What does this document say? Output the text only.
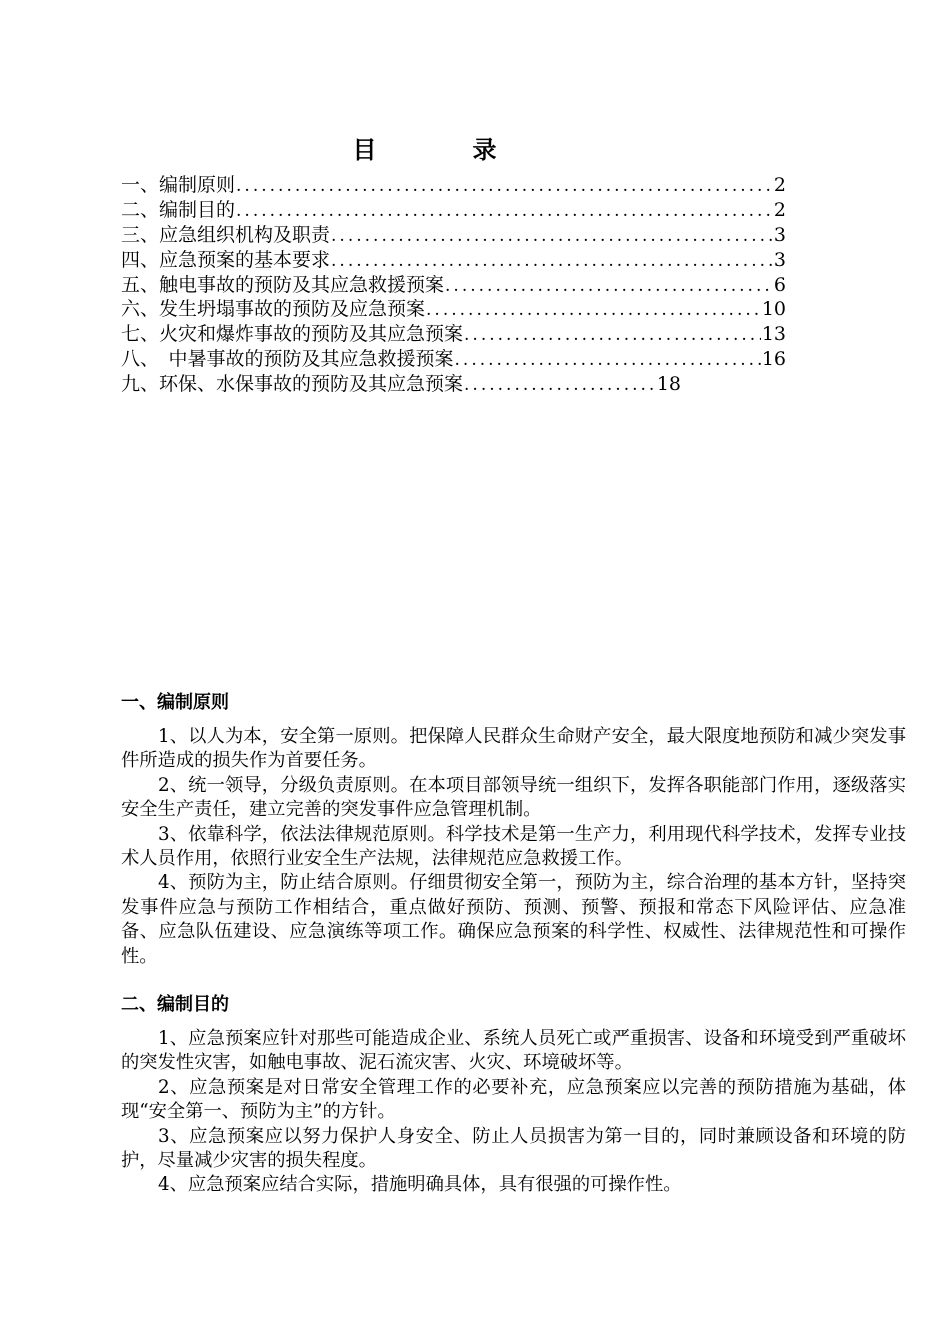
目　录
一、编制原则 .....	2
二、编制目的 .....	2
三、应急组织机构及职责 .....	3
四、应急预案的基本要求 .....	3
五、触电事故的预防及其应急救援预案 .....	6
六、发生坍塌事故的预防及应急预案 .....	10
七、火灾和爆炸事故的预防及其应急预案 .....	13
八、　中暑事故的预防及其应急救援预案 .....	16
九、环保、水保事故的预防及其应急预案 .....	18
一、编制原则

1、以人为本，安全第一原则。把保障人民群众生命财产安全，最大限度地预防和减少突发事件所造成的损失作为首要任务。

2、统一领导，分级负责原则。在本项目部领导统一组织下，发挥各职能部门作用，逐级落实安全生产责任，建立完善的突发事件应急管理机制。

3、依靠科学，依法法律规范原则。科学技术是第一生产力，利用现代科学技术，发挥专业技术人员作用，依照行业安全生产法规，法律规范应急救援工作。

4、预防为主，防止结合原则。仔细贯彻安全第一，预防为主，综合治理的基本方针，坚持突发事件应急与预防工作相结合，重点做好预防、预测、预警、预报和常态下风险评估、应急准备、应急队伍建设、应急演练等项工作。确保应急预案的科学性、权威性、法律规范性和可操作性。

二、编制目的

1、应急预案应针对那些可能造成企业、系统人员死亡或严重损害、设备和环境受到严重破坏的突发性灾害，如触电事故、泥石流灾害、火灾、环境破坏等。

2、应急预案是对日常安全管理工作的必要补充，应急预案应以完善的预防措施为基础，体现“安全第一、预防为主”的方针。

3、应急预案应以努力保护人身安全、防止人员损害为第一目的，同时兼顾设备和环境的防护，尽量减少灾害的损失程度。

4、应急预案应结合实际，措施明确具体，具有很强的可操作性。
